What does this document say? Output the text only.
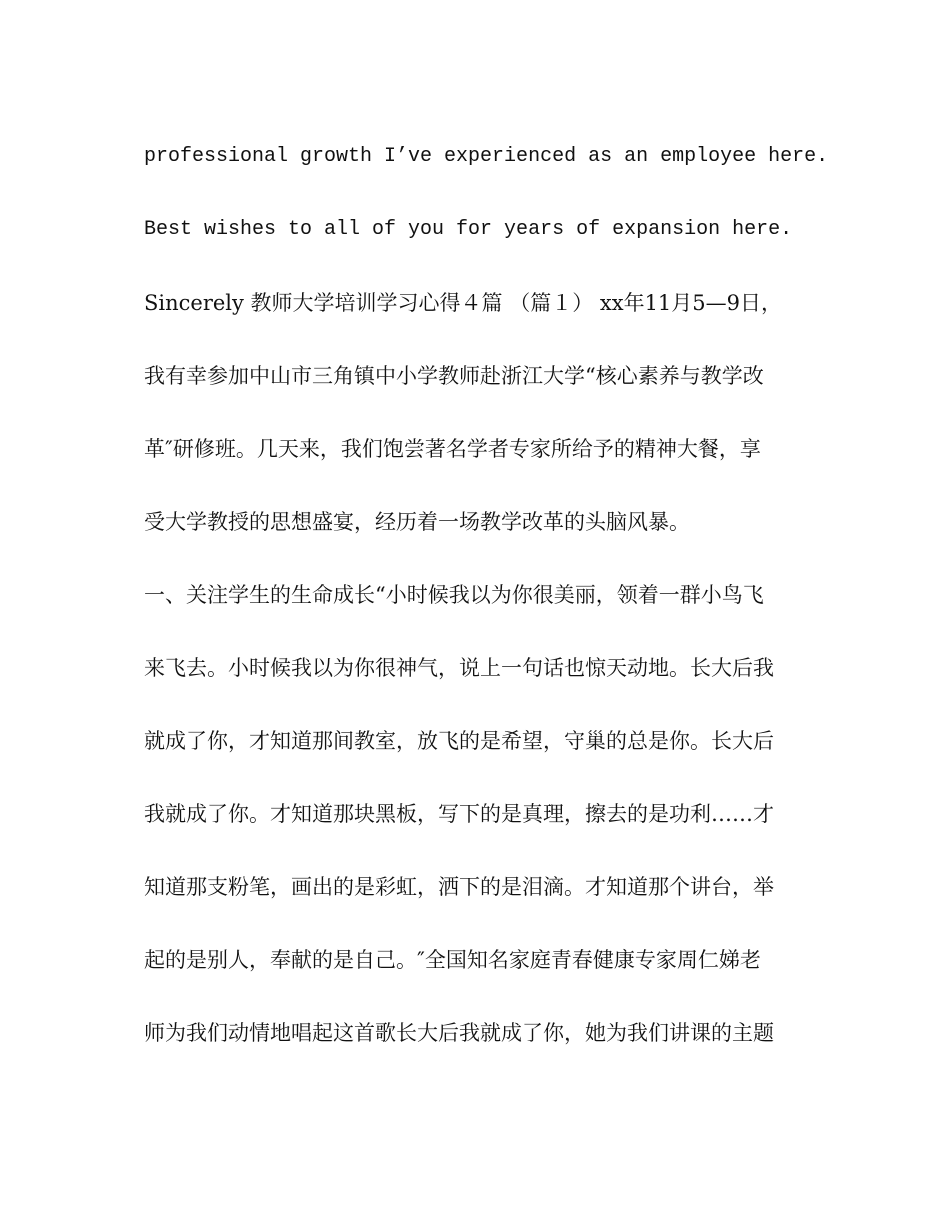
professional growth I’ve experienced as an employee here.
Best wishes to all of you for years of expansion here.
Sincerely 教师大学培训学习心得４篇 （篇１） xx年11月5—9日，
我有幸参加中山市三角镇中小学教师赴浙江大学“核心素养与教学改
革″研修班。几天来，我们饱尝著名学者专家所给予的精神大餐，享
受大学教授的思想盛宴，经历着一场教学改革的头脑风暴。
一、关注学生的生命成长“小时候我以为你很美丽，领着一群小鸟飞
来飞去。小时候我以为你很神气，说上一句话也惊天动地。长大后我
就成了你，才知道那间教室，放飞的是希望，守巢的总是你。长大后
我就成了你。才知道那块黑板，写下的是真理，擦去的是功利……才
知道那支粉笔，画出的是彩虹，洒下的是泪滴。才知道那个讲台，举
起的是别人，奉献的是自己。″全国知名家庭青春健康专家周仁娣老
师为我们动情地唱起这首歌长大后我就成了你，她为我们讲课的主题
